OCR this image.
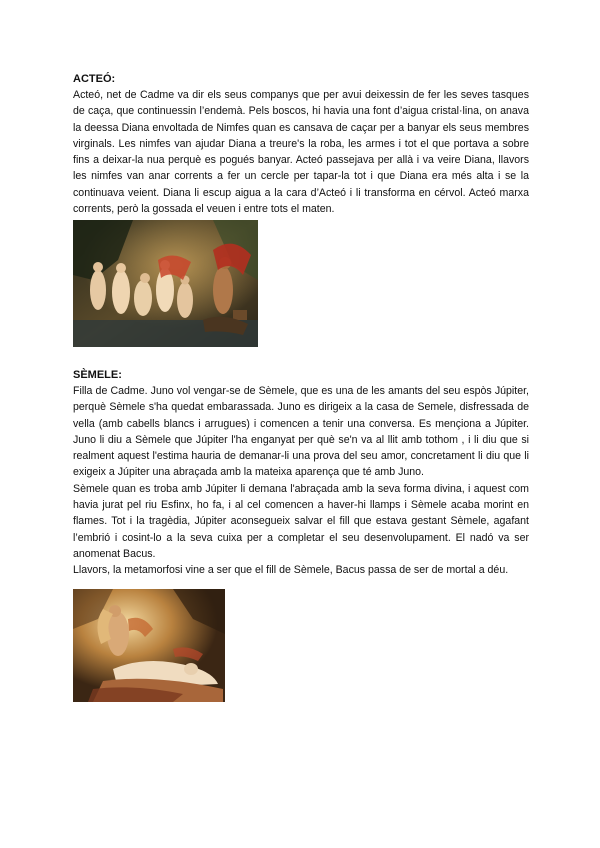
ACTEÓ:

Acteó, net de Cadme va dir els seus companys que per avui deixessin de fer les seves tasques de caça, que continuessin l’endemà. Pels boscos, hi havia una font d’aigua cristal·lina, on anava la deessa Diana envoltada de Nimfes quan es cansava de caçar per a banyar els seus membres virginals. Les nimfes van ajudar Diana a treure's la roba, les armes i tot el que portava a sobre fins a deixar-la nua perquè es pogués banyar. Acteó passejava per allà i va veire Diana, llavors les nimfes van anar corrents a fer un cercle per tapar-la tot i que Diana era més alta i se la continuava veient. Diana li escup aigua a la cara d’Acteó i li transforma en cérvol. Acteó marxa corrents, però la gossada el veuen i entre tots el maten.

SÈMELE:

Filla de Cadme. Juno vol vengar-se de Sèmele, que es una de les amants del seu espòs Júpiter, perquè Sèmele s'ha quedat embarassada. Juno es dirigeix a la casa de Semele, disfressada de vella (amb cabells blancs i arrugues) i comencen a tenir una conversa. Es mençiona a Júpiter. Juno li diu a Sèmele que Júpiter l'ha enganyat per què se'n va al llit amb tothom , i li diu que si realment aquest l'estima hauria de demanar-li una prova del seu amor, concretament li diu que li exigeix a Júpiter una abraçada amb la mateixa aparença que té amb Juno.

Sèmele quan es troba amb Júpiter li demana l'abraçada amb la seva forma divina, i aquest com havia jurat pel riu Esfinx, ho fa, i al cel comencen a haver-hi llamps i Sèmele acaba morint en flames. Tot i la tragèdia, Júpiter aconsegueix salvar el fill que estava gestant Sèmele, agafant l’embrió i cosint-lo a la seva cuixa per a completar el seu desenvolupament. El nadó va ser anomenat Bacus.

Llavors, la metamorfosi vine a ser que el fill de Sèmele, Bacus passa de ser de mortal a déu.
